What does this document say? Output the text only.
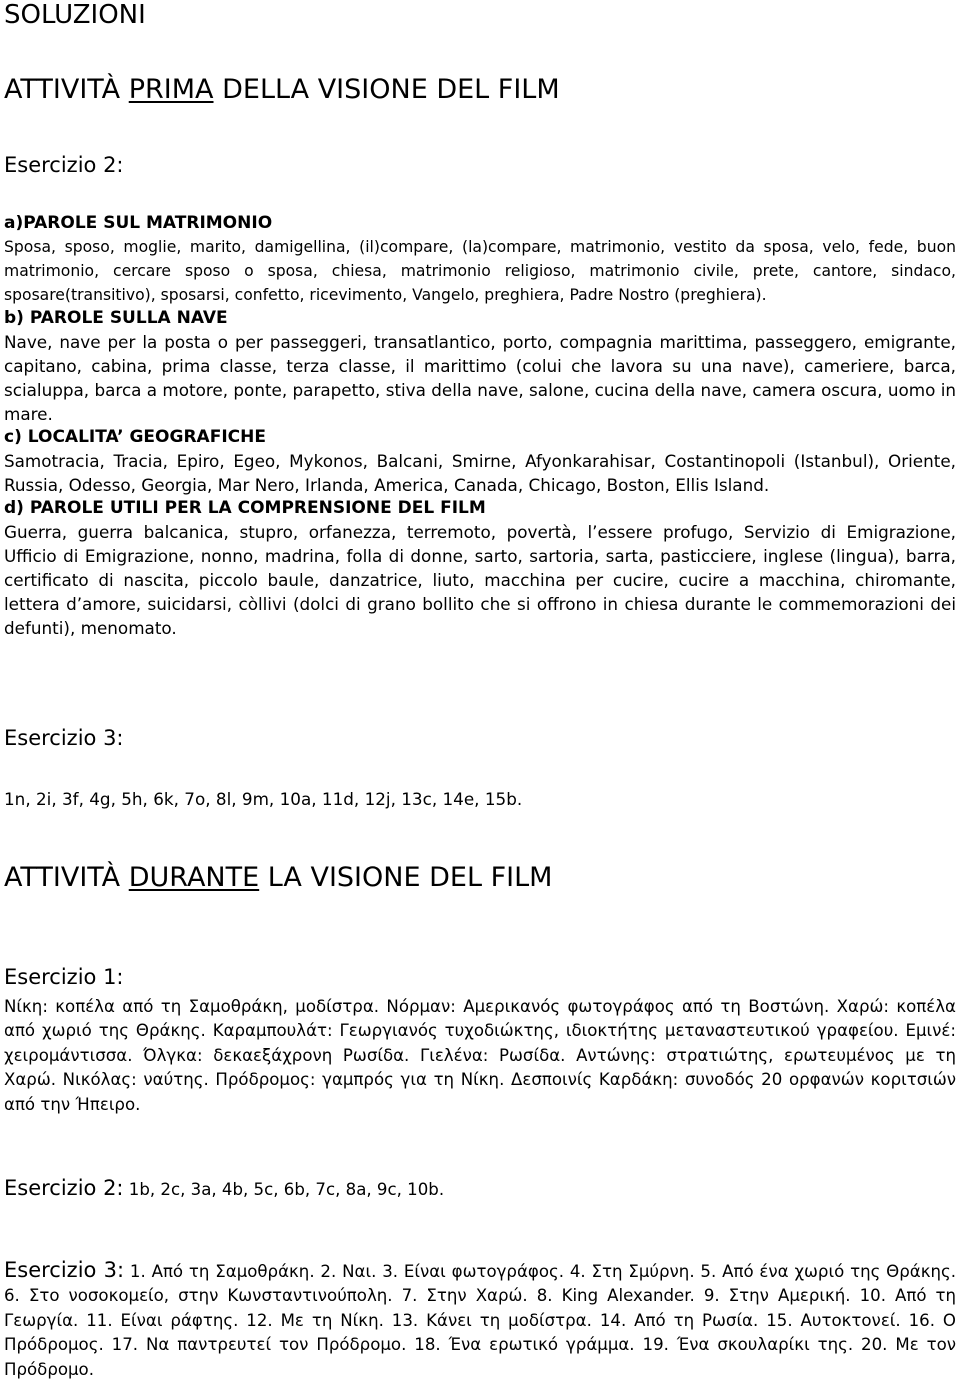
SOLUZIONI
ATTIVITÀ PRIMA DELLA VISIONE DEL FILM
Esercizio 2:
a)PAROLE SUL MATRIMONIO

Sposa, sposo, moglie, marito, damigellina, (il)compare, (la)compare, matrimonio, vestito da sposa, velo, fede, buon matrimonio, cercare sposo o sposa, chiesa, matrimonio religioso, matrimonio civile, prete, cantore, sindaco, sposare(transitivo), sposarsi, confetto, ricevimento, Vangelo, preghiera, Padre Nostro (preghiera).

b) PAROLE SULLA NAVE

Nave, nave per la posta o per passeggeri, transatlantico, porto, compagnia marittima, passeggero, emigrante, capitano, cabina, prima classe, terza classe, il marittimo (colui che lavora su una nave), cameriere, barca, scialuppa, barca a motore, ponte, parapetto, stiva della nave, salone, cucina della nave, camera oscura, uomo in mare.

c) LOCALITA’ GEOGRAFICHE

Samotracia, Tracia, Epiro, Egeo, Mykonos, Balcani, Smirne, Afyonkarahisar, Costantinopoli (Istanbul), Oriente, Russia, Odesso, Georgia, Mar Nero, Irlanda, America, Canada, Chicago, Boston, Ellis Island.

d) PAROLE UTILI PER LA COMPRENSIONE DEL FILM

Guerra, guerra balcanica, stupro, orfanezza, terremoto, povertà, l’essere profugo, Servizio di Emigrazione, Ufficio di Emigrazione, nonno, madrina, folla di donne, sarto, sartoria, sarta, pasticciere, inglese (lingua), barra, certificato di nascita, piccolo baule, danzatrice, liuto, macchina per cucire, cucire a macchina, chiromante, lettera d’amore, suicidarsi, còllivi (dolci di grano bollito che si offrono in chiesa durante le commemorazioni dei defunti), menomato.

Esercizio 3:

1n, 2i, 3f, 4g, 5h, 6k, 7o, 8l, 9m, 10a, 11d, 12j, 13c, 14e, 15b.

ATTIVITÀ DURANTE LA VISIONE DEL FILM
Esercizio 1:

Νίκη: κοπέλα από τη Σαμοθράκη, μοδίστρα. Νόρμαν: Αμερικανός φωτογράφος από τη Βοστώνη. Χαρώ: κοπέλα από χωριό της Θράκης. Καραμπουλάτ: Γεωργιανός τυχοδιώκτης, ιδιοκτήτης μεταναστευτικού γραφείου. Εμινέ: χειρομάντισσα. Όλγκα: δεκαεξάχρονη Ρωσίδα. Γιελένα: Ρωσίδα. Αντώνης: στρατιώτης, ερωτευμένος με τη Χαρώ. Νικόλας: ναύτης. Πρόδρομος: γαμπρός για τη Νίκη. Δεσποινίς Καρδάκη: συνοδός 20 ορφανών κοριτσιών από την Ήπειρο.

Esercizio 2: 1b, 2c, 3a, 4b, 5c, 6b, 7c, 8a, 9c, 10b.

Esercizio 3: 1. Από τη Σαμοθράκη. 2. Ναι. 3. Είναι φωτογράφος. 4. Στη Σμύρνη. 5. Από ένα χωριό της Θράκης. 6. Στο νοσοκομείο, στην Κωνσταντινούπολη. 7. Στην Χαρώ. 8. King Alexander. 9. Στην Αμερική. 10. Από τη Γεωργία. 11. Είναι ράφτης. 12. Με τη Νίκη. 13. Κάνει τη μοδίστρα. 14. Από τη Ρωσία. 15. Αυτοκτονεί. 16. Ο Πρόδρομος. 17. Να παντρευτεί τον Πρόδρομο. 18. Ένα ερωτικό γράμμα. 19. Ένα σκουλαρίκι της. 20. Με τον Πρόδρομο.
